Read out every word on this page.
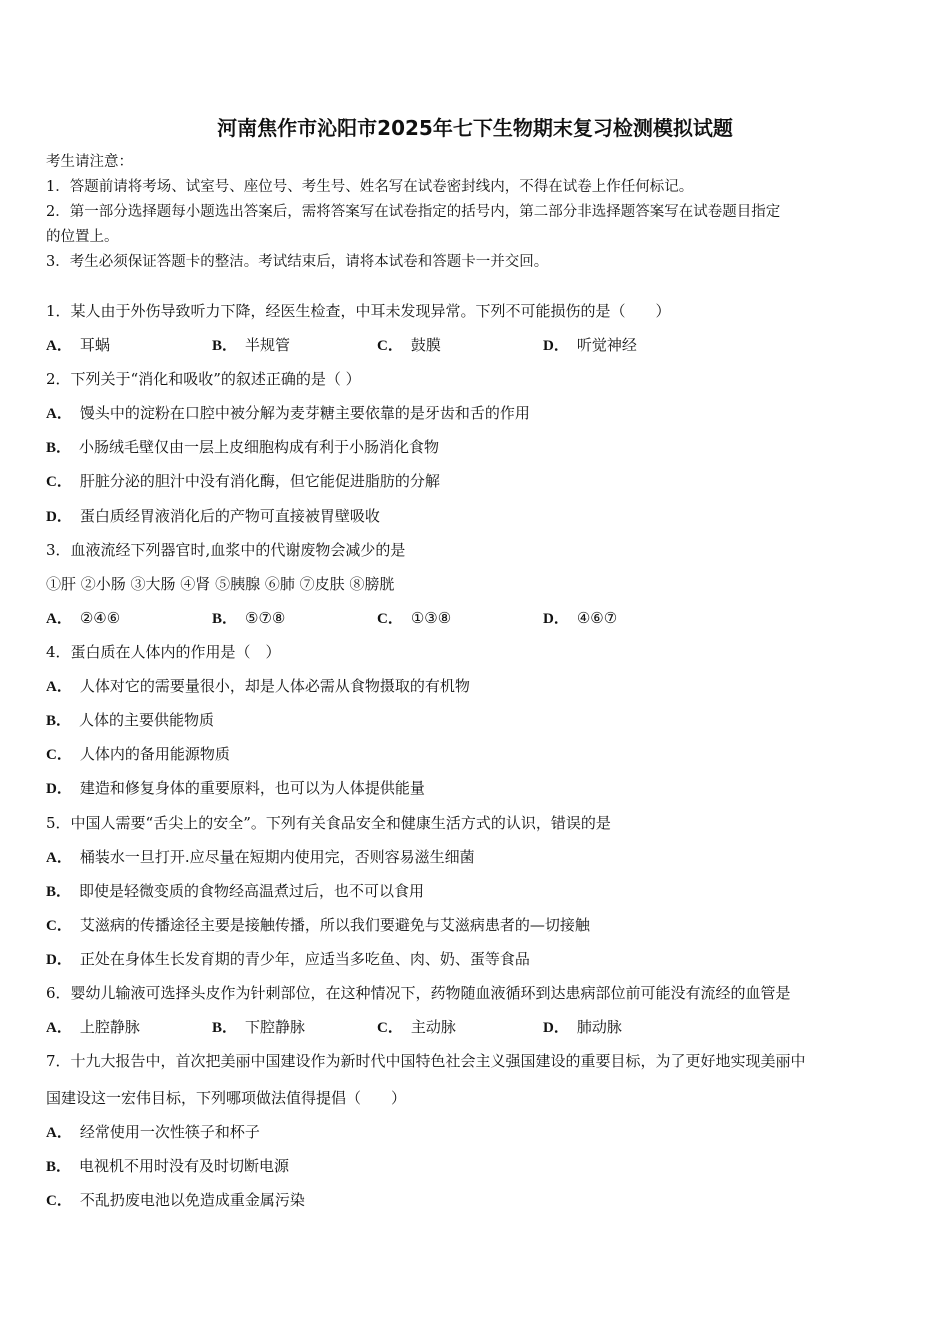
河南焦作市沁阳市2025年七下生物期末复习检测模拟试题
考生请注意：
1．答题前请将考场、试室号、座位号、考生号、姓名写在试卷密封线内，不得在试卷上作任何标记。
2．第一部分选择题每小题选出答案后，需将答案写在试卷指定的括号内，第二部分非选择题答案写在试卷题目指定
的位置上。
3．考生必须保证答题卡的整洁。考试结束后，请将本试卷和答题卡一并交回。
1．某人由于外伤导致听力下降，经医生检查，中耳未发现异常。下列不可能损伤的是（　　）
A． 耳蜗	B． 半规管	C． 鼓膜	D． 听觉神经
2．下列关于“消化和吸收”的叙述正确的是（ ）
A． 馒头中的淀粉在口腔中被分解为麦芽糖主要依靠的是牙齿和舌的作用
B． 小肠绒毛壁仅由一层上皮细胞构成有利于小肠消化食物
C． 肝脏分泌的胆汁中没有消化酶，但它能促进脂肪的分解
D． 蛋白质经胃液消化后的产物可直接被胃壁吸收
3．血液流经下列器官时,血浆中的代谢废物会减少的是
①肝 ②小肠 ③大肠 ④肾 ⑤胰腺 ⑥肺 ⑦皮肤 ⑧膀胱
A． ②④⑥	B． ⑤⑦⑧	C． ①③⑧	D． ④⑥⑦
4．蛋白质在人体内的作用是（　）
A． 人体对它的需要量很小，却是人体必需从食物摄取的有机物
B． 人体的主要供能物质
C． 人体内的备用能源物质
D． 建造和修复身体的重要原料，也可以为人体提供能量
5．中国人需要“舌尖上的安全”。下列有关食品安全和健康生活方式的认识，错误的是
A． 桶装水一旦打开.应尽量在短期内使用完，否则容易滋生细菌
B． 即使是轻微变质的食物经高温煮过后，也不可以食用
C． 艾滋病的传播途径主要是接触传播，所以我们要避免与艾滋病患者的—切接触
D． 正处在身体生长发育期的青少年，应适当多吃鱼、肉、奶、蛋等食品
6．婴幼儿输液可选择头皮作为针刺部位，在这种情况下，药物随血液循环到达患病部位前可能没有流经的血管是
A． 上腔静脉	B． 下腔静脉	C． 主动脉	D． 肺动脉
7．十九大报告中，首次把美丽中国建设作为新时代中国特色社会主义强国建设的重要目标，为了更好地实现美丽中
国建设这一宏伟目标，下列哪项做法值得提倡（　　）
A． 经常使用一次性筷子和杯子
B． 电视机不用时没有及时切断电源
C． 不乱扔废电池以免造成重金属污染
